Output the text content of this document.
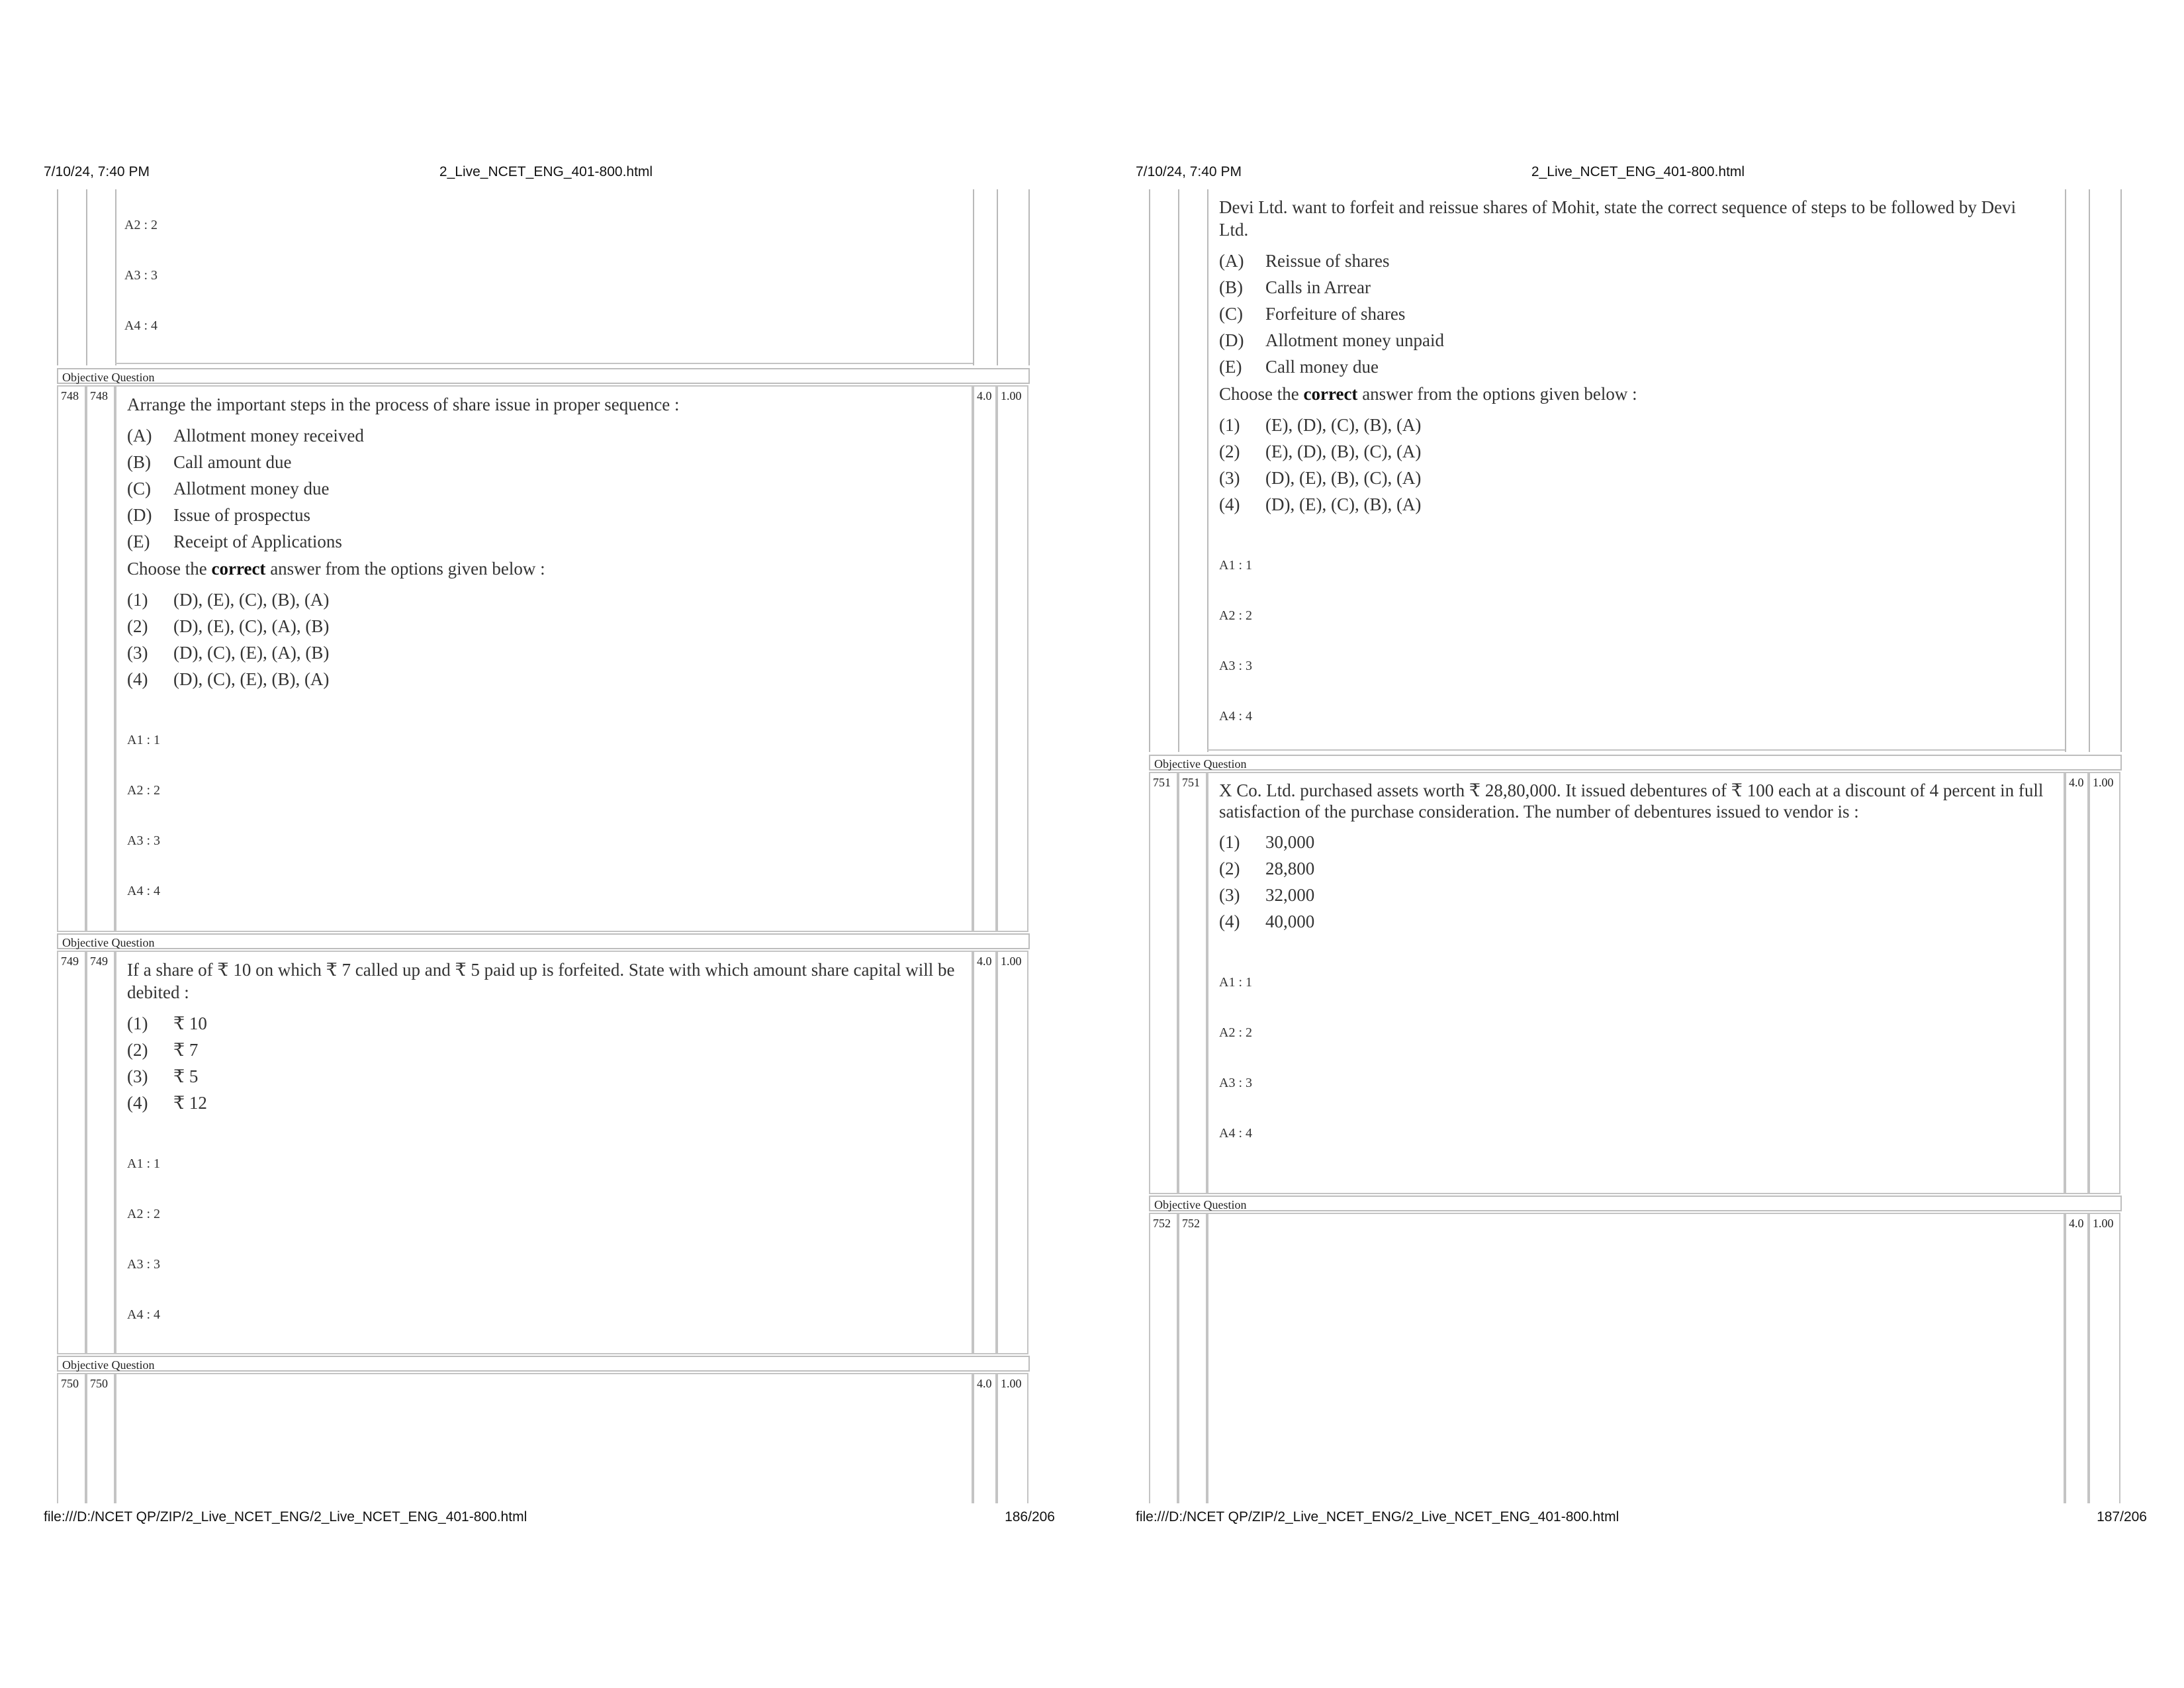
7/10/24, 7:40 PM	2_Live_NCET_ENG_401-800.html
A2 : 2
A3 : 3
A4 : 4
Objective Question
748 748	4.0 1.00

Arrange the important steps in the process of share issue in proper sequence :

(A)	Allotment money received
(B)	Call amount due
(C)	Allotment money due
(D)	Issue of prospectus
(E)	Receipt of Applications
Choose the correct answer from the options given below :
(1)	(D), (E), (C), (B), (A)
(2)	(D), (E), (C), (A), (B)
(3)	(D), (C), (E), (A), (B)
(4)	(D), (C), (E), (B), (A)
A1 : 1
A2 : 2
A3 : 3
A4 : 4
Objective Question
749 749	4.0 1.00

If a share of ₹ 10 on which ₹ 7 called up and ₹ 5 paid up is forfeited. State with which amount share capital will be debited :

(1)	₹ 10
(2)	₹ 7
(3)	₹ 5
(4)	₹ 12
A1 : 1
A2 : 2
A3 : 3
A4 : 4
Objective Question
750 750	4.0 1.00
file:///D:/NCET QP/ZIP/2_Live_NCET_ENG/2_Live_NCET_ENG_401-800.html	186/206
7/10/24, 7:40 PM	2_Live_NCET_ENG_401-800.html

Devi Ltd. want to forfeit and reissue shares of Mohit, state the correct sequence of steps to be followed by Devi Ltd.

(A)	Reissue of shares
(B)	Calls in Arrear
(C)	Forfeiture of shares
(D)	Allotment money unpaid
(E)	Call money due
Choose the correct answer from the options given below :
(1)	(E), (D), (C), (B), (A)
(2)	(E), (D), (B), (C), (A)
(3)	(D), (E), (B), (C), (A)
(4)	(D), (E), (C), (B), (A)
A1 : 1
A2 : 2
A3 : 3
A4 : 4
Objective Question
751 751	4.0 1.00

X Co. Ltd. purchased assets worth ₹ 28,80,000. It issued debentures of ₹ 100 each at a discount of 4 percent in full satisfaction of the purchase consideration. The number of debentures issued to vendor is :

(1)	30,000
(2)	28,800
(3)	32,000
(4)	40,000
A1 : 1
A2 : 2
A3 : 3
A4 : 4
Objective Question
752 752	4.0 1.00
file:///D:/NCET QP/ZIP/2_Live_NCET_ENG/2_Live_NCET_ENG_401-800.html	187/206
